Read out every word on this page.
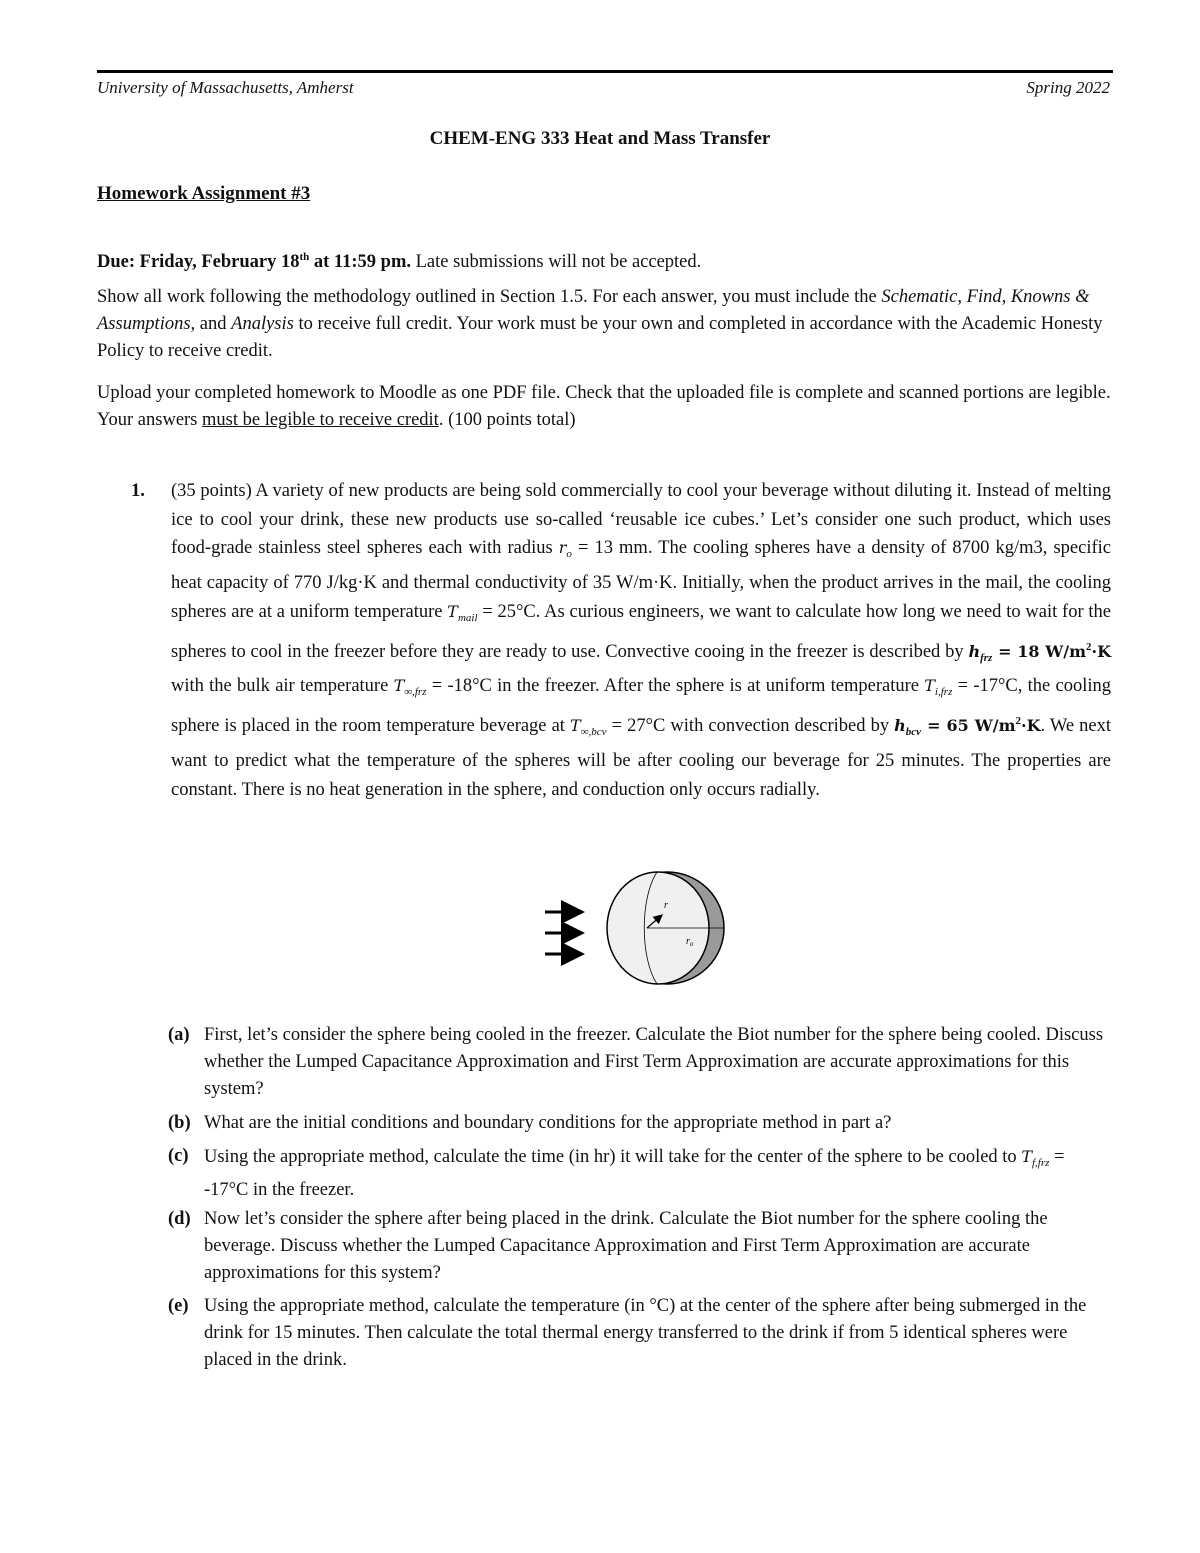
University of Massachusetts, Amherst	Spring 2022
CHEM-ENG 333 Heat and Mass Transfer
Homework Assignment #3
Due: Friday, February 18th at 11:59 pm. Late submissions will not be accepted.
Show all work following the methodology outlined in Section 1.5. For each answer, you must include the Schematic, Find, Knowns & Assumptions, and Analysis to receive full credit. Your work must be your own and completed in accordance with the Academic Honesty Policy to receive credit.
Upload your completed homework to Moodle as one PDF file. Check that the uploaded file is complete and scanned portions are legible. Your answers must be legible to receive credit. (100 points total)
1. (35 points) A variety of new products are being sold commercially to cool your beverage without diluting it. Instead of melting ice to cool your drink, these new products use so-called ‘reusable ice cubes.’ Let’s consider one such product, which uses food-grade stainless steel spheres each with radius $r_o = 13$ mm. The cooling spheres have a density of 8700 kg/m3, specific heat capacity of 770 J/kg·K and thermal conductivity of 35 W/m·K. Initially, when the product arrives in the mail, the cooling spheres are at a uniform temperature $T_{mail} = 25^\circ C$. As curious engineers, we want to calculate how long we need to wait for the spheres to cool in the freezer before they are ready to use. Convective cooing in the freezer is described by $h_{frz} = 18$ $W/m^2\cdot K$ with the bulk air temperature $T_{\infty,frz} = -18^\circ C$ in the freezer. After the sphere is at uniform temperature $T_{i,frz} = -17^\circ C$, the cooling sphere is placed in the room temperature beverage at $T_{\infty,bcv} = 27^\circ C$ with convection described by $h_{bcv} = 65$ $W/m^2\cdot K$. We next want to predict what the temperature of the spheres will be after cooling our beverage for 25 minutes. The properties are constant. There is no heat generation in the sphere, and conduction only occurs radially.
r
$r_o$
(a) First, let’s consider the sphere being cooled in the freezer. Calculate the Biot number for the sphere being cooled. Discuss whether the Lumped Capacitance Approximation and First Term Approximation are accurate approximations for this system?
(b) What are the initial conditions and boundary conditions for the appropriate method in part a?
(c) Using the appropriate method, calculate the time (in hr) it will take for the center of the sphere to be cooled to $T_{f,frz} = -17^\circ C$ in the freezer.
(d) Now let’s consider the sphere after being placed in the drink. Calculate the Biot number for the sphere cooling the beverage. Discuss whether the Lumped Capacitance Approximation and First Term Approximation are accurate approximations for this system?
(e) Using the appropriate method, calculate the temperature (in °C) at the center of the sphere after being submerged in the drink for 15 minutes. Then calculate the total thermal energy transferred to the drink if from 5 identical spheres were placed in the drink.
